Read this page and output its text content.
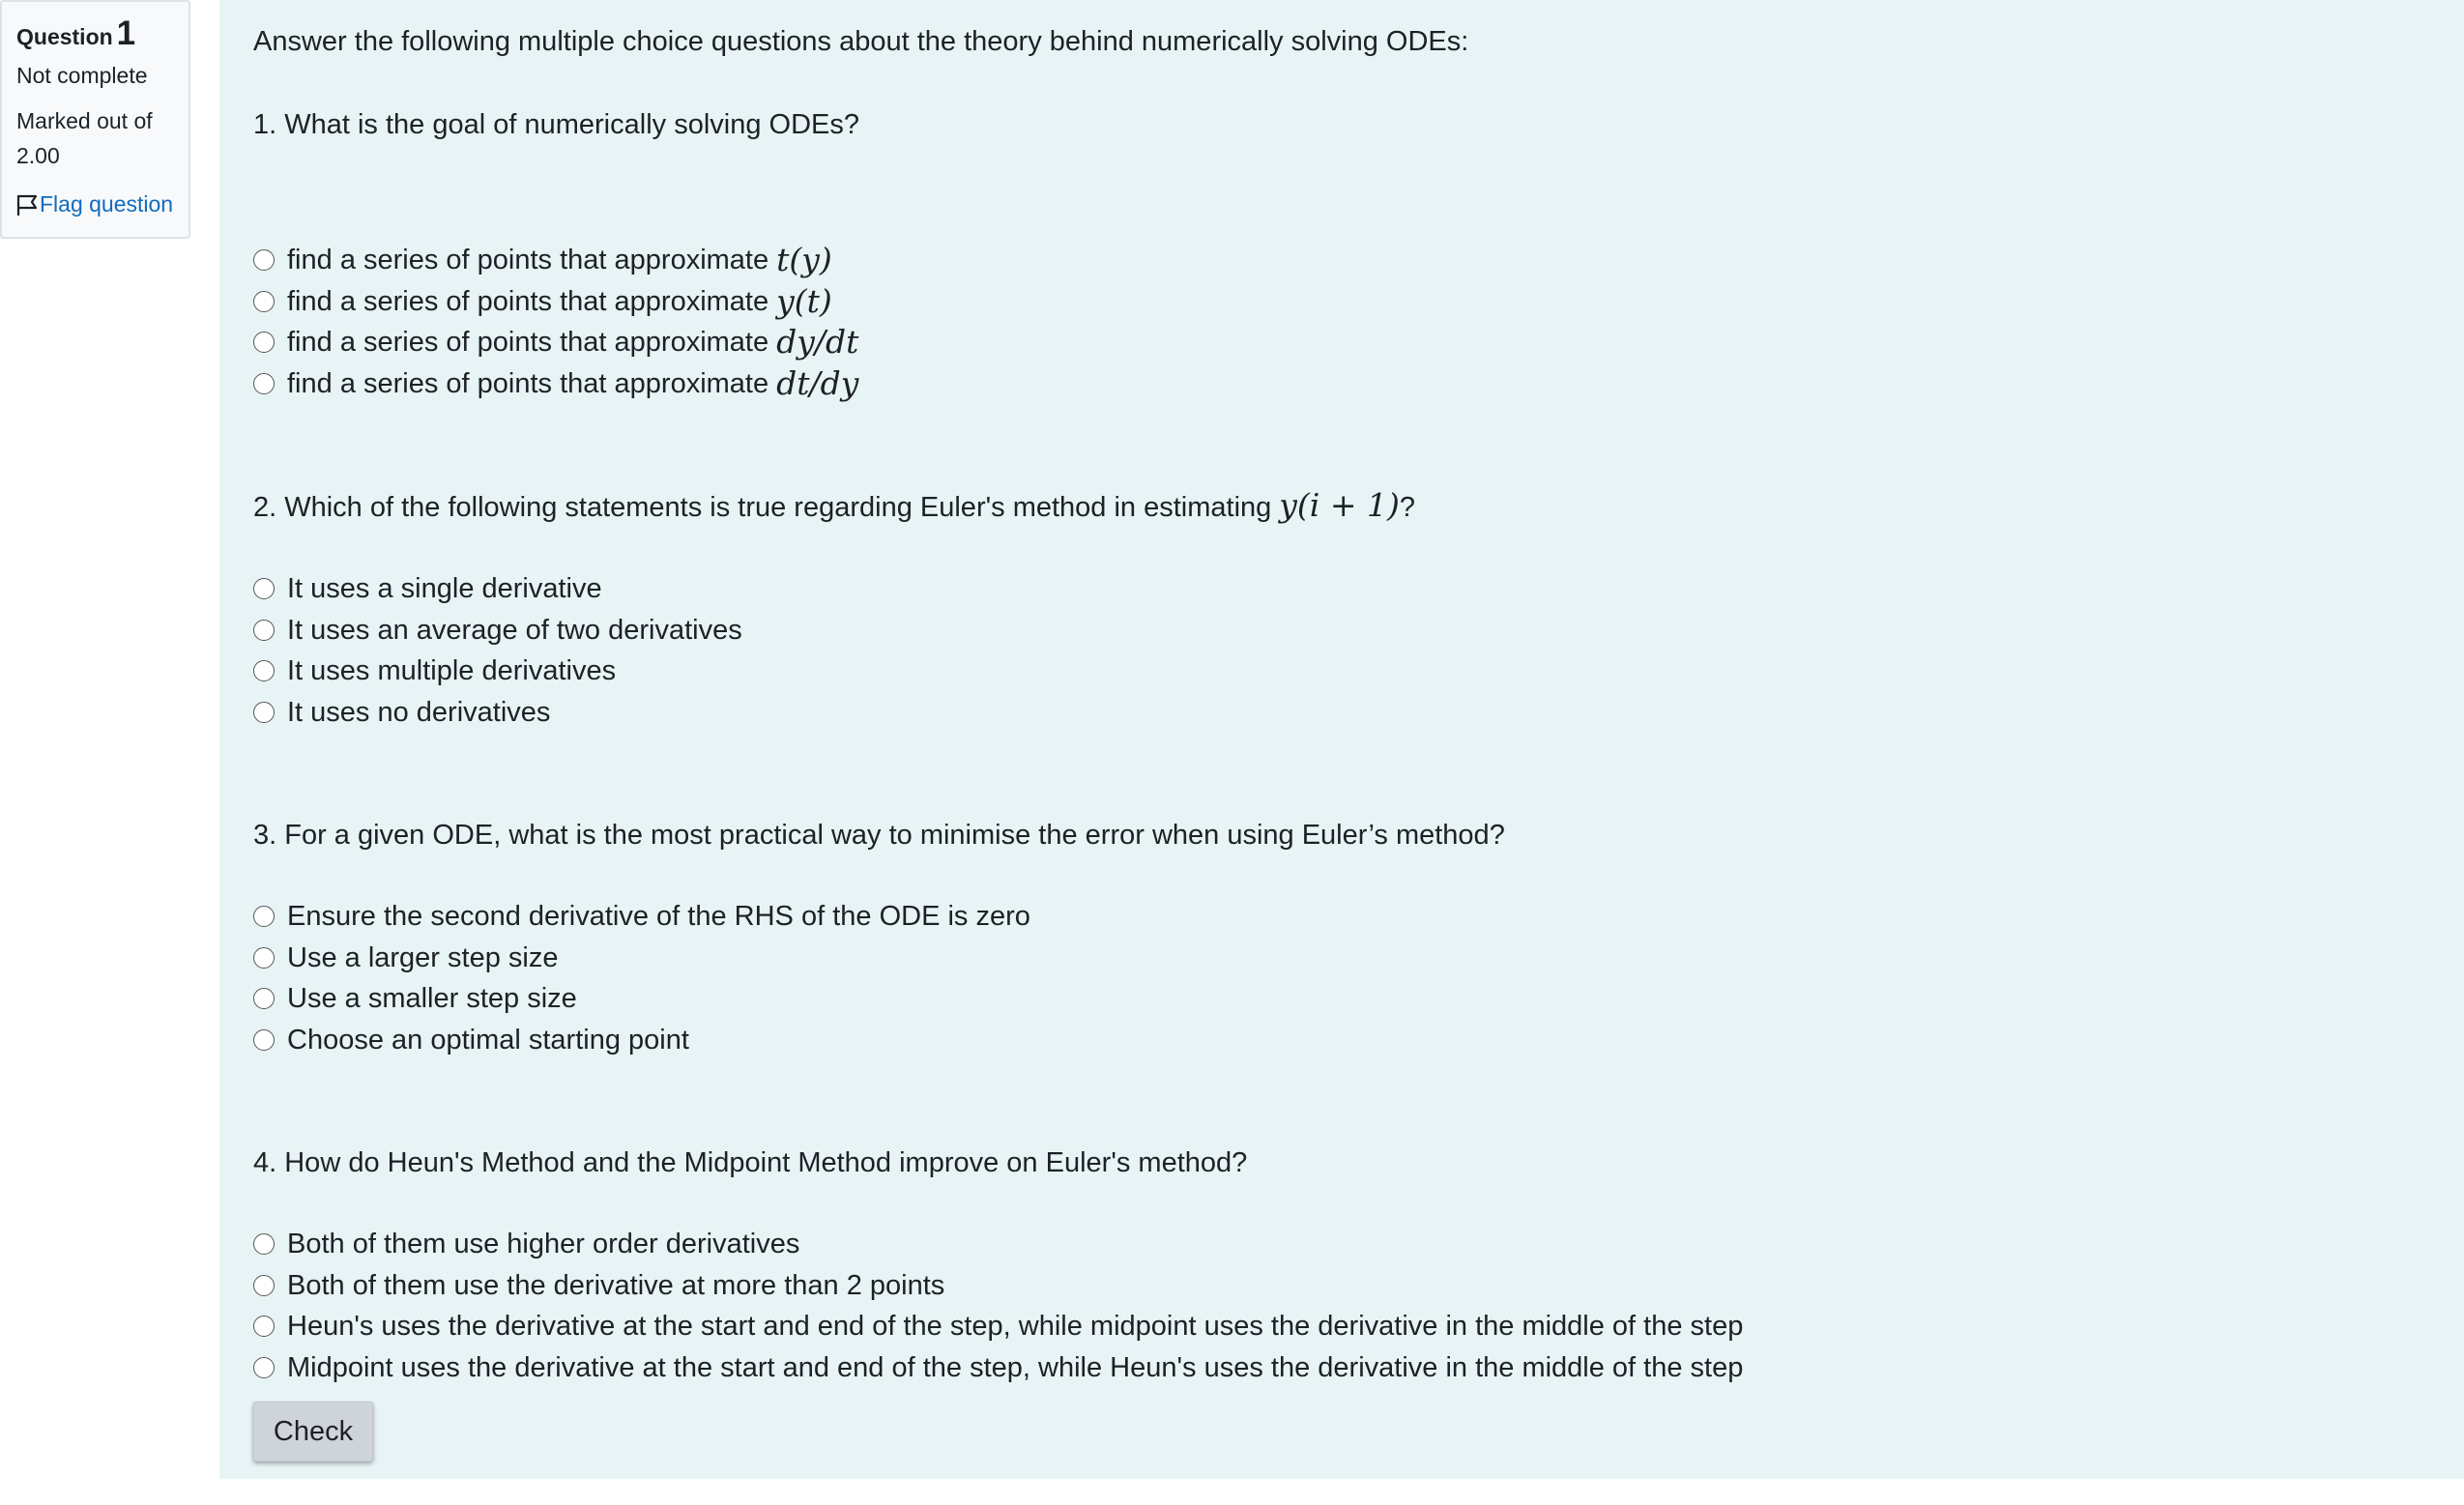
Question 1
Not complete
Marked out of
2.00
Flag question

Answer the following multiple choice questions about the theory behind numerically solving ODEs:

1. What is the goal of numerically solving ODEs?

find a series of points that approximate t(y)
find a series of points that approximate y(t)
find a series of points that approximate dy/dt
find a series of points that approximate dt/dy

2. Which of the following statements is true regarding Euler's method in estimating y(i + 1)?

It uses a single derivative
It uses an average of two derivatives
It uses multiple derivatives
It uses no derivatives

3. For a given ODE, what is the most practical way to minimise the error when using Euler’s method?

Ensure the second derivative of the RHS of the ODE is zero
Use a larger step size
Use a smaller step size
Choose an optimal starting point

4. How do Heun's Method and the Midpoint Method improve on Euler's method?

Both of them use higher order derivatives
Both of them use the derivative at more than 2 points
Heun's uses the derivative at the start and end of the step, while midpoint uses the derivative in the middle of the step
Midpoint uses the derivative at the start and end of the step, while Heun's uses the derivative in the middle of the step
Check
